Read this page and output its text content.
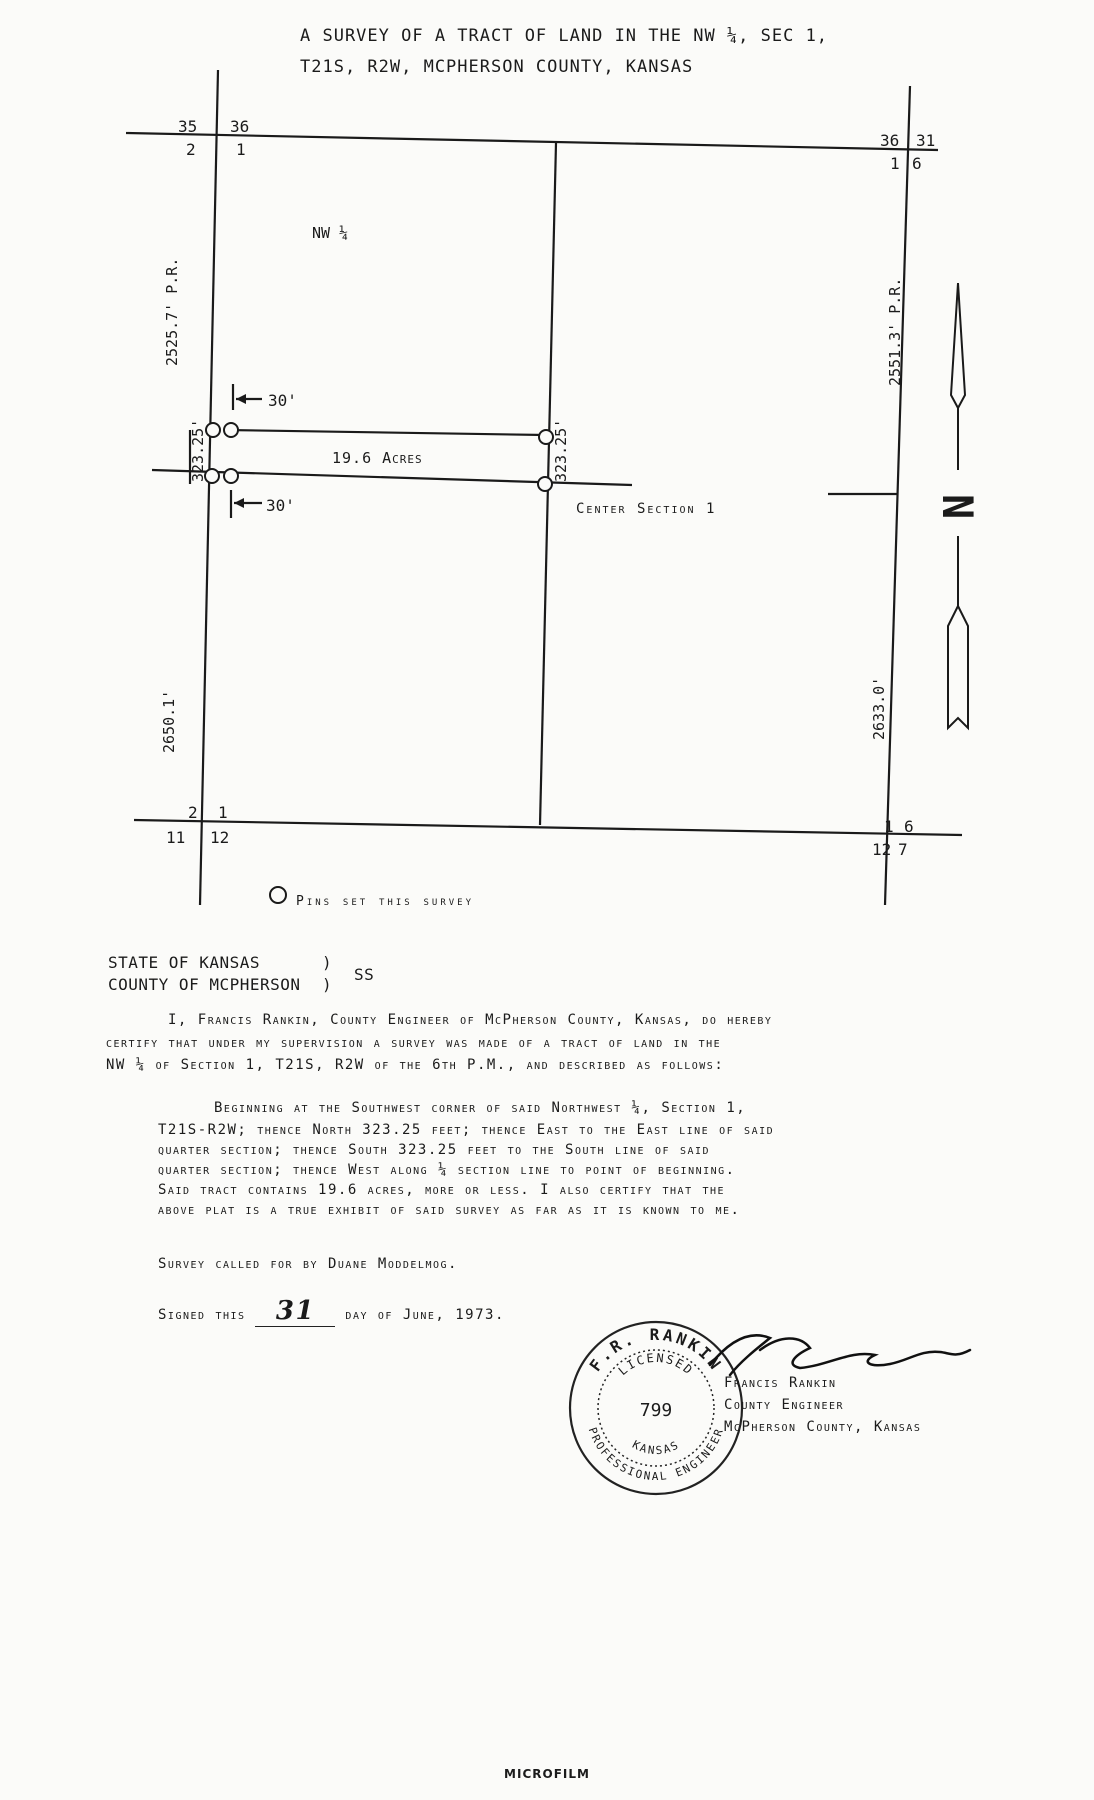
A SURVEY OF A TRACT OF LAND IN THE NW ¼, SEC 1,
T21S, R2W, MCPHERSON COUNTY, KANSAS
35 36
2	1	36 31
1 6
2 1
11 12
1 6
12 7
NW ¼
2525.7' P.R.
2650.1'
2551.3' P.R.
2633.0'
323.25'	323.25'
30'
30'
19.6 Acres
Center Section 1
Pins set this survey
N
STATE OF KANSAS
COUNTY OF MCPHERSON
)
)
SS
I, Francis Rankin, County Engineer of McPherson County, Kansas, do hereby
certify that under my supervision a survey was made of a tract of land in the
NW ¼ of Section 1, T21S, R2W of the 6th P.M., and described as follows:
Beginning at the Southwest corner of said Northwest ¼, Section 1,
T21S-R2W; thence North 323.25 feet; thence East to the East line of said
quarter section; thence South 323.25 feet to the South line of said
quarter section; thence West along ¼ section line to point of beginning.
Said tract contains 19.6 acres, more or less. I also certify that the
above plat is a true exhibit of said survey as far as it is known to me.
Survey called for by Duane Moddelmog.
Signed this 31 day of June, 1973.
F.R. RANKIN
PROFESSIONAL ENGINEER
LICENSED
KANSAS
799
Francis Rankin
County Engineer
McPherson County, Kansas
MICROFILM
